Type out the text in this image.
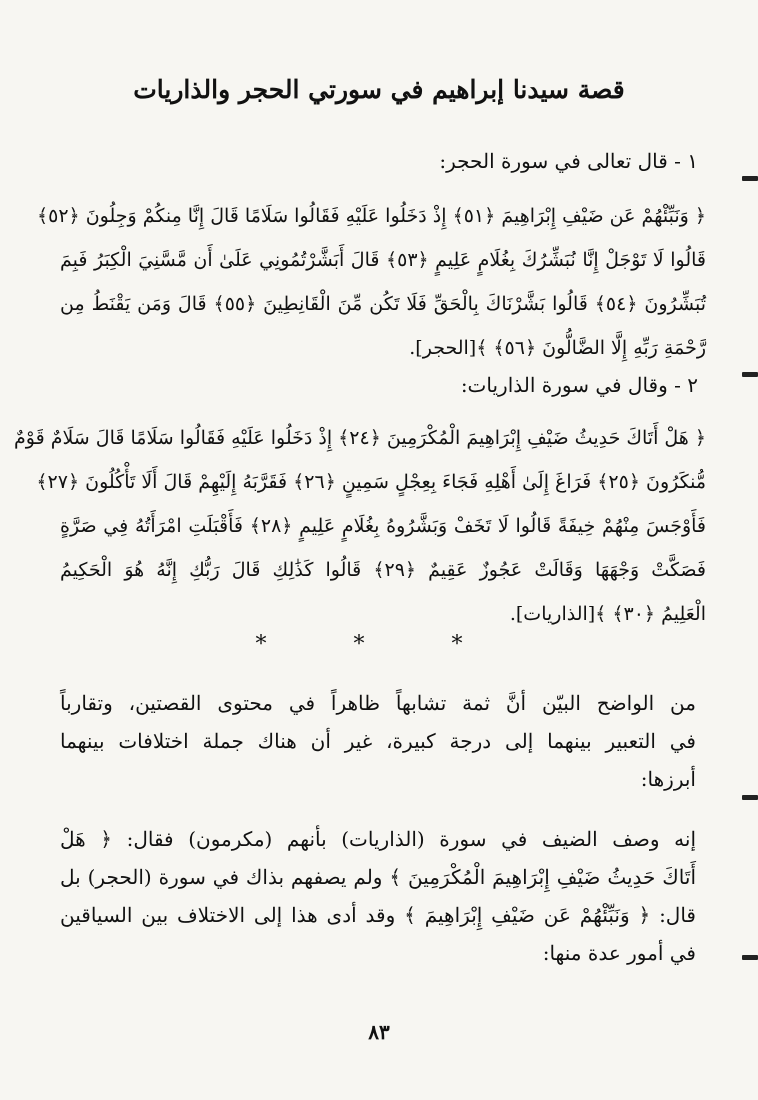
قصة سيدنا إبراهيم في سورتي الحجر والذاريات
١ - قال تعالى في سورة الحجر:
﴿ وَنَبِّئْهُمْ عَن ضَيْفِ إِبْرَاهِيمَ ﴿٥١﴾ إِذْ دَخَلُوا عَلَيْهِ فَقَالُوا سَلَامًا قَالَ إِنَّا مِنكُمْ وَجِلُونَ ﴿٥٢﴾
قَالُوا لَا تَوْجَلْ إِنَّا نُبَشِّرُكَ بِغُلَامٍ عَلِيمٍ ﴿٥٣﴾ قَالَ أَبَشَّرْتُمُونِي عَلَىٰ أَن مَّسَّنِيَ الْكِبَرُ فَبِمَ
تُبَشِّرُونَ ﴿٥٤﴾ قَالُوا بَشَّرْنَاكَ بِالْحَقِّ فَلَا تَكُن مِّنَ الْقَانِطِينَ ﴿٥٥﴾ قَالَ وَمَن يَقْنَطُ مِن
رَّحْمَةِ رَبِّهِ إِلَّا الضَّالُّونَ ﴿٥٦﴾ ﴾[الحجر].
٢ - وقال في سورة الذاريات:
﴿ هَلْ أَتَاكَ حَدِيثُ ضَيْفِ إِبْرَاهِيمَ الْمُكْرَمِينَ ﴿٢٤﴾ إِذْ دَخَلُوا عَلَيْهِ فَقَالُوا سَلَامًا قَالَ سَلَامٌ قَوْمٌ
مُّنكَرُونَ ﴿٢٥﴾ فَرَاغَ إِلَىٰ أَهْلِهِ فَجَاءَ بِعِجْلٍ سَمِينٍ ﴿٢٦﴾ فَقَرَّبَهُ إِلَيْهِمْ قَالَ أَلَا تَأْكُلُونَ ﴿٢٧﴾
فَأَوْجَسَ مِنْهُمْ خِيفَةً قَالُوا لَا تَخَفْ وَبَشَّرُوهُ بِغُلَامٍ عَلِيمٍ ﴿٢٨﴾ فَأَقْبَلَتِ امْرَأَتُهُ فِي صَرَّةٍ
فَصَكَّتْ وَجْهَهَا وَقَالَتْ عَجُوزٌ عَقِيمٌ ﴿٢٩﴾ قَالُوا كَذَٰلِكِ قَالَ رَبُّكِ إِنَّهُ هُوَ الْحَكِيمُ
الْعَلِيمُ ﴿٣٠﴾ ﴾[الذاريات].
* * *
من الواضح البيّن أنَّ ثمة تشابهاً ظاهراً في محتوى القصتين، وتقارباً
في التعبير بينهما إلى درجة كبيرة، غير أن هناك جملة اختلافات بينهما
أبرزها:
إنه وصف الضيف في سورة (الذاريات) بأنهم (مكرمون) فقال: ﴿ هَلْ
أَتَاكَ حَدِيثُ ضَيْفِ إِبْرَاهِيمَ الْمُكْرَمِينَ ﴾ ولم يصفهم بذاك في سورة (الحجر) بل
قال: ﴿ وَنَبِّئْهُمْ عَن ضَيْفِ إِبْرَاهِيمَ ﴾ وقد أدى هذا إلى الاختلاف بين السياقين
في أمور عدة منها:
٨٣
